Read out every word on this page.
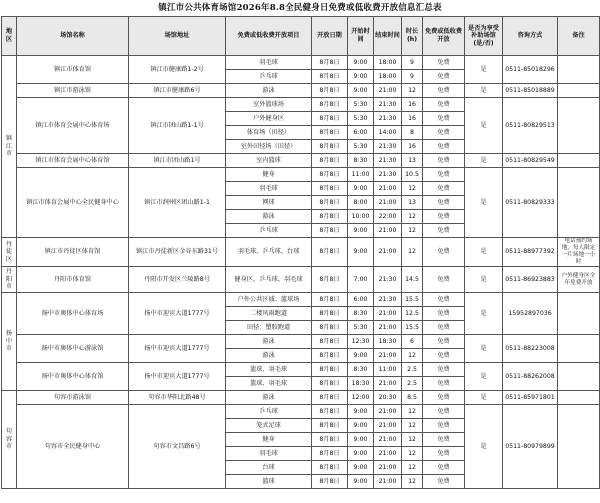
镇江市公共体育场馆2026年8.8全民健身日免费或低收费开放信息汇总表
地区	场馆名称	场馆地址	免费或低收费开放项目	开放日期	开始时间	结束时间	时长(h)	免费或低收费开放	是否为享受补助场馆(是/否)	咨询方式	备注
镇江市	镇江市体育馆	镇江市健康路1-2号	羽毛球	8月8日	9:00	18:00	9	免费	是	0511-85018296	
			乒乓球	8月8日	9:00	18:00	9	免费			
	镇江市游泳馆	镇江市健康路6号	游泳	8月8日	9:00	21:00	12	免费	是	0511-85018889	
	镇江市体育会展中心体育场	镇江市团山路1-1号	室外篮球场	8月8日	5:30	21:30	16	免费	是	0511-80829513	
			户外健身区	8月8日	5:30	21:30	16	免费			
			体育场（田径）	8月8日	6:00	14:00	8	免费			
			室外田径场（田径）	8月8日	5:30	21:30	16	免费			
	镇江市体育会展中心体育馆	镇江市团山路1号	室内篮球	8月8日	8:30	21:30	13	免费	是	0511-80829549	
	镇江市体育会展中心全民健身中心	镇江市润州区团山路1-1	健身	8月8日	11:00	21:30	10.5	免费	是	0511-80829333	
			羽毛球	8月8日	9:00	21:00	12	免费			
			网球	8月8日	8:00	21:00	13	免费			
			游泳	8月8日	10:00	22:00	12	免费			
			乒乓球	8月8日	9:00	21:00	12	免费			
丹徒区	镇江市丹徒区体育馆	镇江市丹徒新区金谷东路31号	羽毛球、乒乓球、台球	8月8日	9:00	21:00	12	免费	是	0511-88977392	电话预约场地，每人限定一片场地一小时
丹阳市	丹阳市体育馆	丹阳市开发区兰陵路8号	健身区、乒乓球、羽毛球	8月8日	7:00	21:30	14.5	免费	是	0511-86923883	户外健身区全年免费开放
扬中市	扬中市奥体中心体育场	扬中市迎宾大道1777号	户外公共区域：篮球场	8月8日	6:00	21:30	15.5	免费	是	15952897036	
			二楼风雨跑道	8月8日	8:30	21:00	12.5	免费			
			田径：塑胶跑道	8月8日	5:30	21:00	15.5	免费			
	扬中市奥体中心游泳馆	扬中市迎宾大道1777号	游泳	8月8日	12:30	18:30	6	免费	是	0511-88223008	
			游泳	8月8日	9:00	21:00	12	免费			
	扬中市奥体中心体育馆	扬中市迎宾大道1777号	篮球、羽毛球	8月8日	8:30	11:00	2.5	免费	是	0511-88262008	
			篮球、羽毛球	8月8日	18:30	21:00	2.5	免费			
句容市	句容市游泳馆	句容市华阳北路48号	游泳	8月8日	12:00	20:30	8.5	免费	是	0511-85971801	
	句容市全民健身中心	句容市文昌路6号	乒乓球	8月8日	9:00	21:00	12	免费	是	0511-80979899	
			笼式足球	8月8日	9:00	21:00	12	免费			
			健身	8月8日	9:00	21:00	12	免费			
			羽毛球	8月8日	9:00	21:00	12	免费			
			台球	8月8日	9:00	21:00	12	免费			
			篮球	8月8日	9:00	21:00	12	免费			
